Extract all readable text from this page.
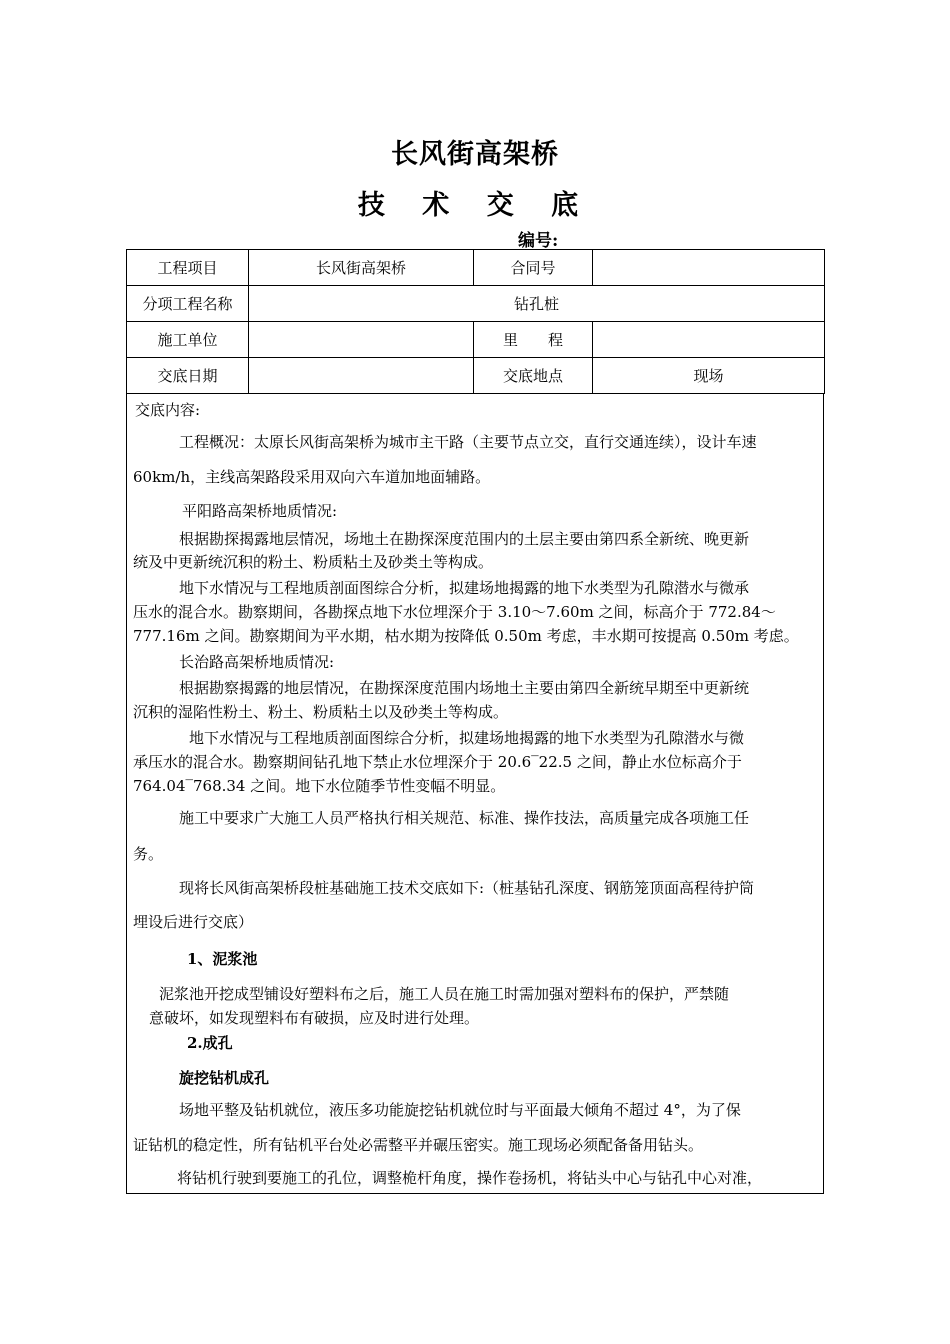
长风街高架桥
技 术 交 底
编号:
工程项目	长风街高架桥	合同号	
分项工程名称	钻孔桩		
施工单位		里　　程	
交底日期		交底地点	现场

交底内容:

工程概况：太原长风街高架桥为城市主干路（主要节点立交，直行交通连续），设计车速

60km/h，主线高架路段采用双向六车道加地面辅路。

平阳路高架桥地质情况:

根据勘探揭露地层情况，场地土在勘探深度范围内的土层主要由第四系全新统、晚更新

统及中更新统沉积的粉土、粉质粘土及砂类土等构成。

地下水情况与工程地质剖面图综合分析，拟建场地揭露的地下水类型为孔隙潜水与微承

压水的混合水。勘察期间，各勘探点地下水位埋深介于 3.10～7.60m 之间，标高介于 772.84～

777.16m 之间。勘察期间为平水期，枯水期为按降低 0.50m 考虑，丰水期可按提高 0.50m 考虑。

长治路高架桥地质情况:

根据勘察揭露的地层情况，在勘探深度范围内场地土主要由第四全新统早期至中更新统

沉积的湿陷性粉土、粉土、粉质粘土以及砂类土等构成。

地下水情况与工程地质剖面图综合分析，拟建场地揭露的地下水类型为孔隙潜水与微

承压水的混合水。勘察期间钻孔地下禁止水位埋深介于 20.6‾22.5 之间，静止水位标高介于

764.04‾768.34 之间。地下水位随季节性变幅不明显。

施工中要求广大施工人员严格执行相关规范、标准、操作技法，高质量完成各项施工任

务。

现将长风街高架桥段桩基础施工技术交底如下:（桩基钻孔深度、钢筋笼顶面高程待护筒

埋设后进行交底）

1、泥浆池

泥浆池开挖成型铺设好塑料布之后，施工人员在施工时需加强对塑料布的保护，严禁随

意破坏，如发现塑料布有破损，应及时进行处理。

2.成孔

旋挖钻机成孔

场地平整及钻机就位，液压多功能旋挖钻机就位时与平面最大倾角不超过 4°，为了保

证钻机的稳定性，所有钻机平台处必需整平并碾压密实。施工现场必须配备备用钻头。

将钻机行驶到要施工的孔位，调整桅杆角度，操作卷扬机，将钻头中心与钻孔中心对准，
